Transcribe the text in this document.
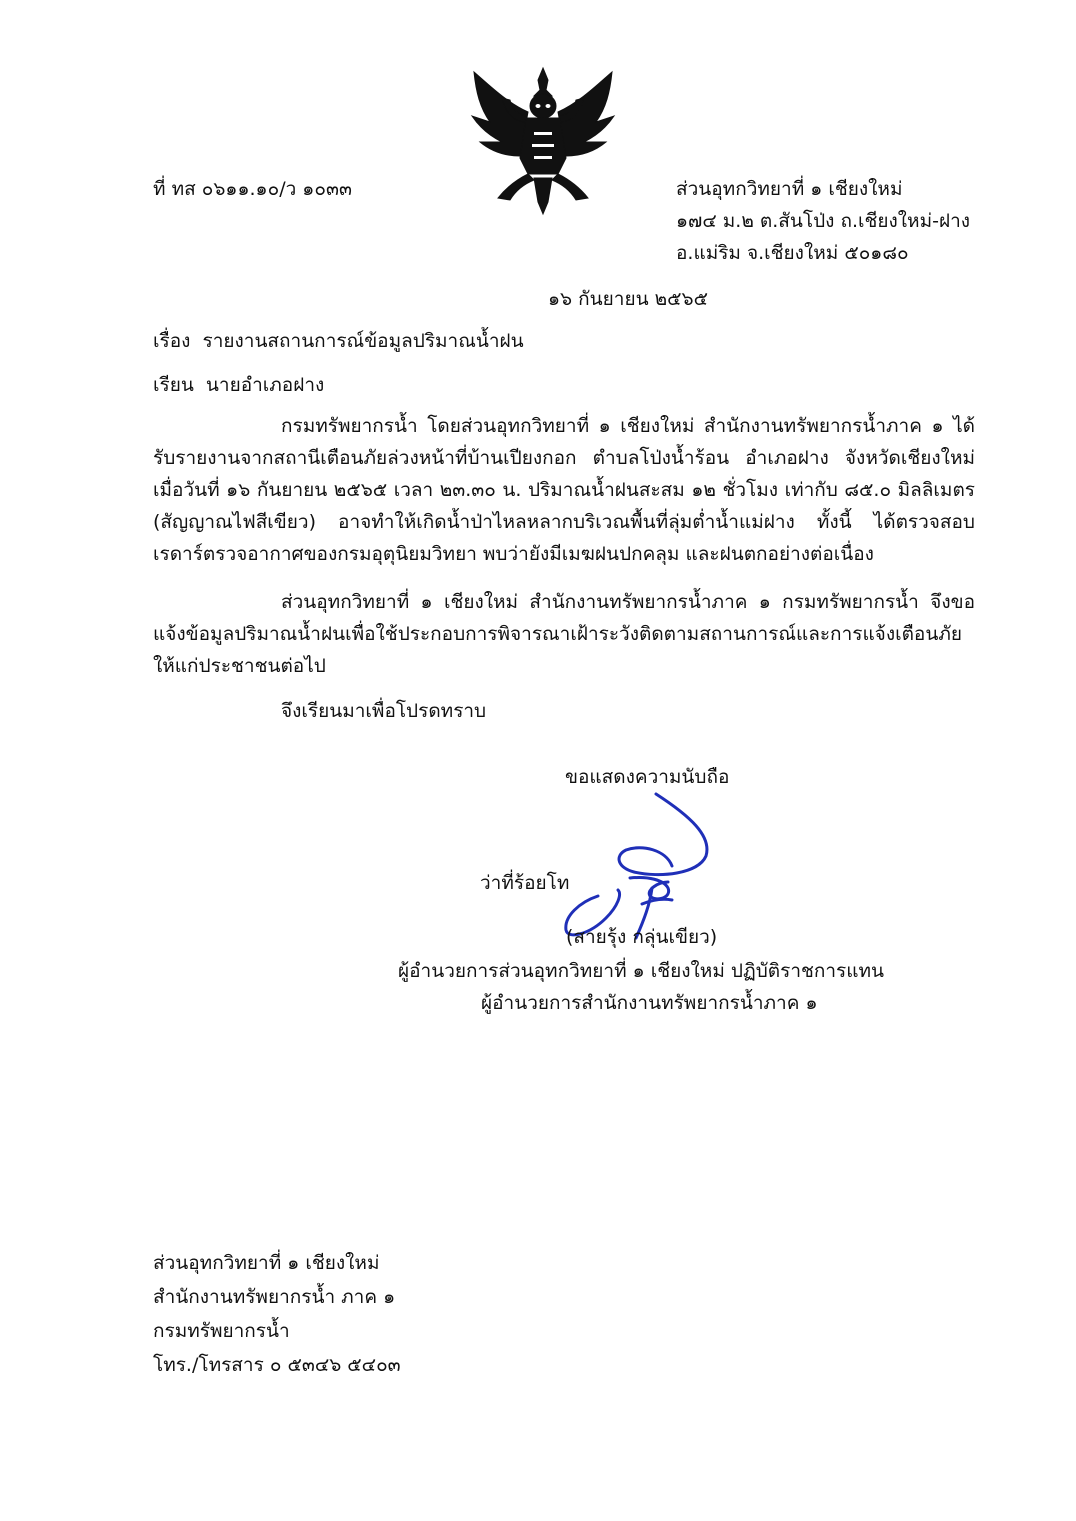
ที่ ทส ๐๖๑๑.๑๐/ว ๑๐๓๓	ส่วนอุทกวิทยาที่ ๑ เชียงใหม่
๑๗๔ ม.๒ ต.สันโป่ง ถ.เชียงใหม่-ฝาง
อ.แม่ริม จ.เชียงใหม่ ๕๐๑๘๐
๑๖ กันยายน ๒๕๖๕
เรื่อง รายงานสถานการณ์ข้อมูลปริมาณน้ำฝน
เรียน นายอำเภอฝาง
กรมทรัพยากรน้ำ โดยส่วนอุทกวิทยาที่ ๑ เชียงใหม่ สำนักงานทรัพยากรน้ำภาค ๑ ได้รับรายงานจากสถานีเตือนภัยล่วงหน้าที่บ้านเปียงกอก ตำบลโป่งน้ำร้อน อำเภอฝาง จังหวัดเชียงใหม่ เมื่อวันที่ ๑๖ กันยายน ๒๕๖๕ เวลา ๒๓.๓๐ น. ปริมาณน้ำฝนสะสม ๑๒ ชั่วโมง เท่ากับ ๘๕.๐ มิลลิเมตร (สัญญาณไฟสีเขียว) อาจทำให้เกิดน้ำป่าไหลหลากบริเวณพื้นที่ลุ่มต่ำน้ำแม่ฝาง ทั้งนี้ ได้ตรวจสอบเรดาร์ตรวจอากาศของกรมอุตุนิยมวิทยา พบว่ายังมีเมฆฝนปกคลุม และฝนตกอย่างต่อเนื่อง
ส่วนอุทกวิทยาที่ ๑ เชียงใหม่ สำนักงานทรัพยากรน้ำภาค ๑ กรมทรัพยากรน้ำ จึงขอแจ้งข้อมูลปริมาณน้ำฝนเพื่อใช้ประกอบการพิจารณาเฝ้าระวังติดตามสถานการณ์และการแจ้งเตือนภัยให้แก่ประชาชนต่อไป
จึงเรียนมาเพื่อโปรดทราบ
ขอแสดงความนับถือ
ว่าที่ร้อยโท
(สายรุ้ง กลุ่นเขียว)
ผู้อำนวยการส่วนอุทกวิทยาที่ ๑ เชียงใหม่ ปฏิบัติราชการแทน
ผู้อำนวยการสำนักงานทรัพยากรน้ำภาค ๑
ส่วนอุทกวิทยาที่ ๑ เชียงใหม่
สำนักงานทรัพยากรน้ำ ภาค ๑
กรมทรัพยากรน้ำ
โทร./โทรสาร ๐ ๕๓๔๖ ๕๔๐๓
